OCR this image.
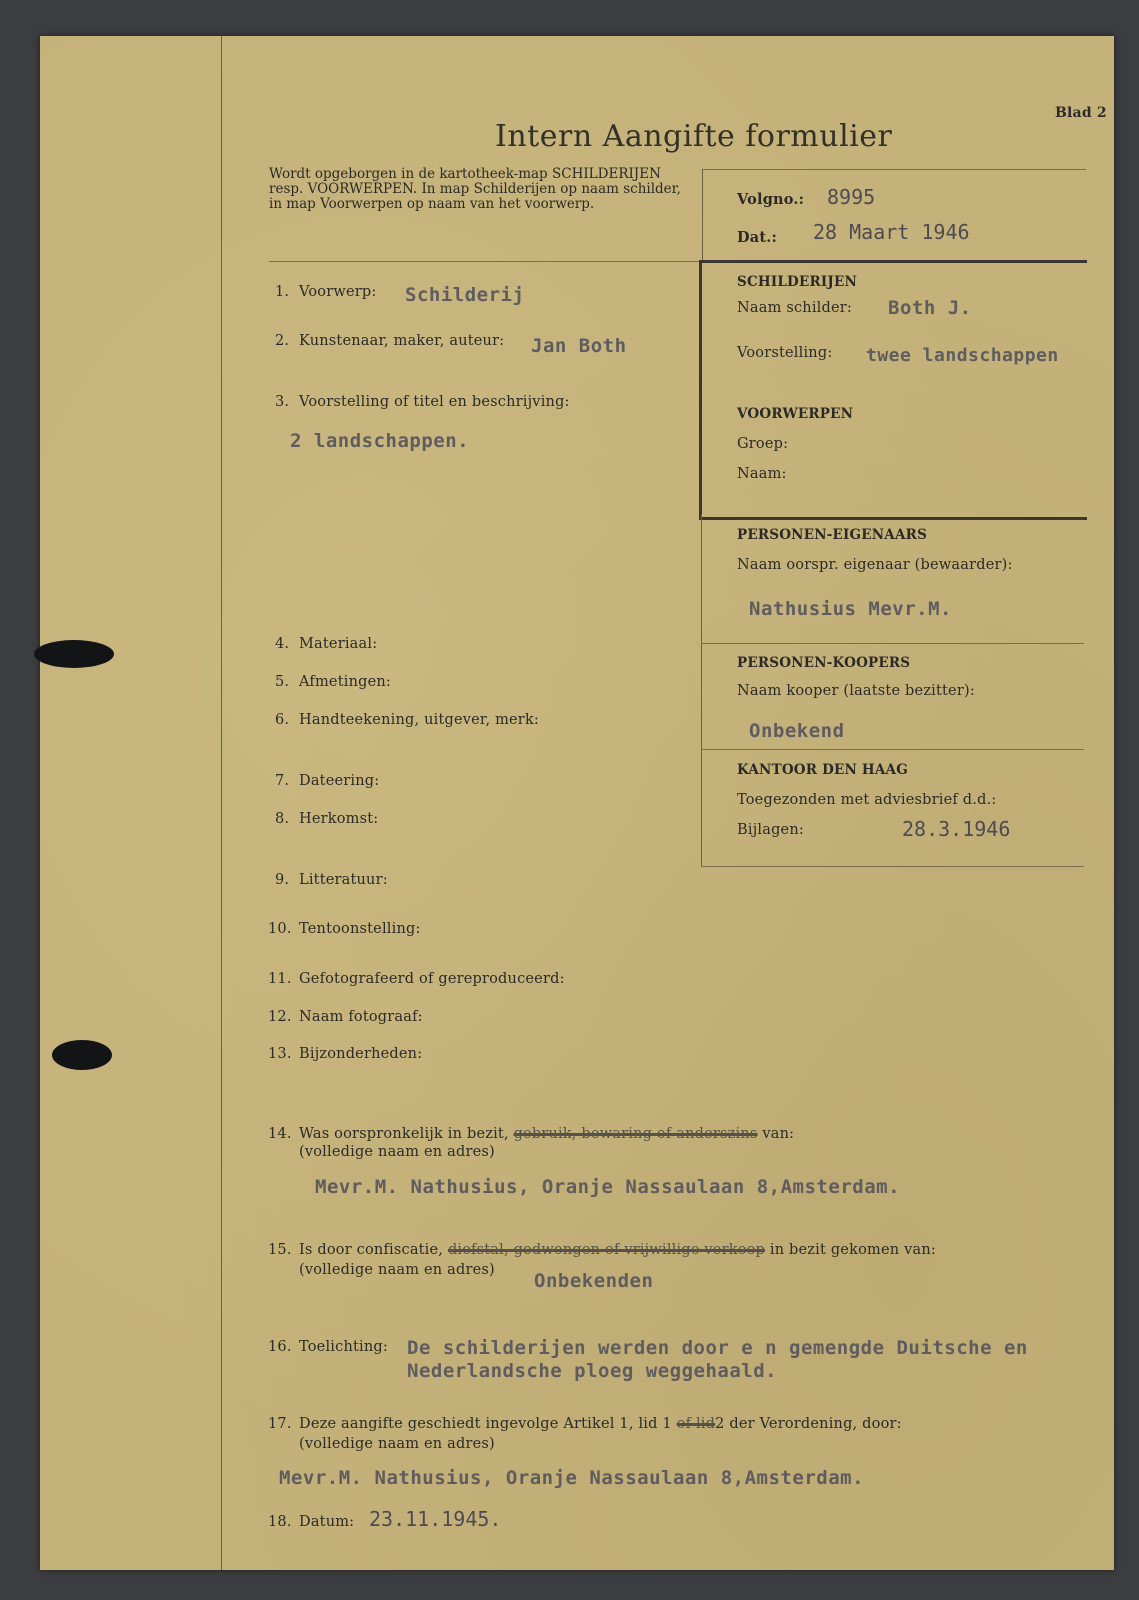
Blad 2
Intern Aangifte formulier
Wordt opgeborgen in de kartotheek-map SCHILDERIJEN resp. VOORWERPEN. In map Schilderijen op naam schilder, in map Voorwerpen op naam van het voorwerp.	Volgno.: 8995
Dat.: 28 Maart 1946
SCHILDERIJEN
Naam schilder: Both J.
Voorstelling: twee landschappen
VOORWERPEN
Groep:
Naam:
PERSONEN-EIGENAARS
Naam oorspr. eigenaar (bewaarder):
Nathusius Mevr.M.
PERSONEN-KOOPERS
Naam kooper (laatste bezitter):
Onbekend
KANTOOR DEN HAAG
Toegezonden met adviesbrief d.d.:
Bijlagen:	28.3.1946
1. Voorwerp: Schilderij
2. Kunstenaar, maker, auteur: Jan Both
3. Voorstelling of titel en beschrijving:
2 landschappen.
4. Materiaal:
5. Afmetingen:
6. Handteekening, uitgever, merk:
7. Dateering:
8. Herkomst:
9. Litteratuur:
10. Tentoonstelling:
11. Gefotografeerd of gereproduceerd:
12. Naam fotograaf:
13. Bijzonderheden:
14. Was oorspronkelijk in bezit, gebruik, bewaring of anderszins van:
(volledige naam en adres)
Mevr.M. Nathusius, Oranje Nassaulaan 8,Amsterdam.
15. Is door confiscatie, diefstal, gedwongen of vrijwillige verkoop in bezit gekomen van:
(volledige naam en adres) Onbekenden
16. Toelichting: De schilderijen werden door e n gemengde Duitsche en
Nederlandsche ploeg weggehaald.
17. Deze aangifte geschiedt ingevolge Artikel 1, lid 1 of lid2 der Verordening, door:
(volledige naam en adres)
Mevr.M. Nathusius, Oranje Nassaulaan 8,Amsterdam.
18. Datum: 23.11.1945.
